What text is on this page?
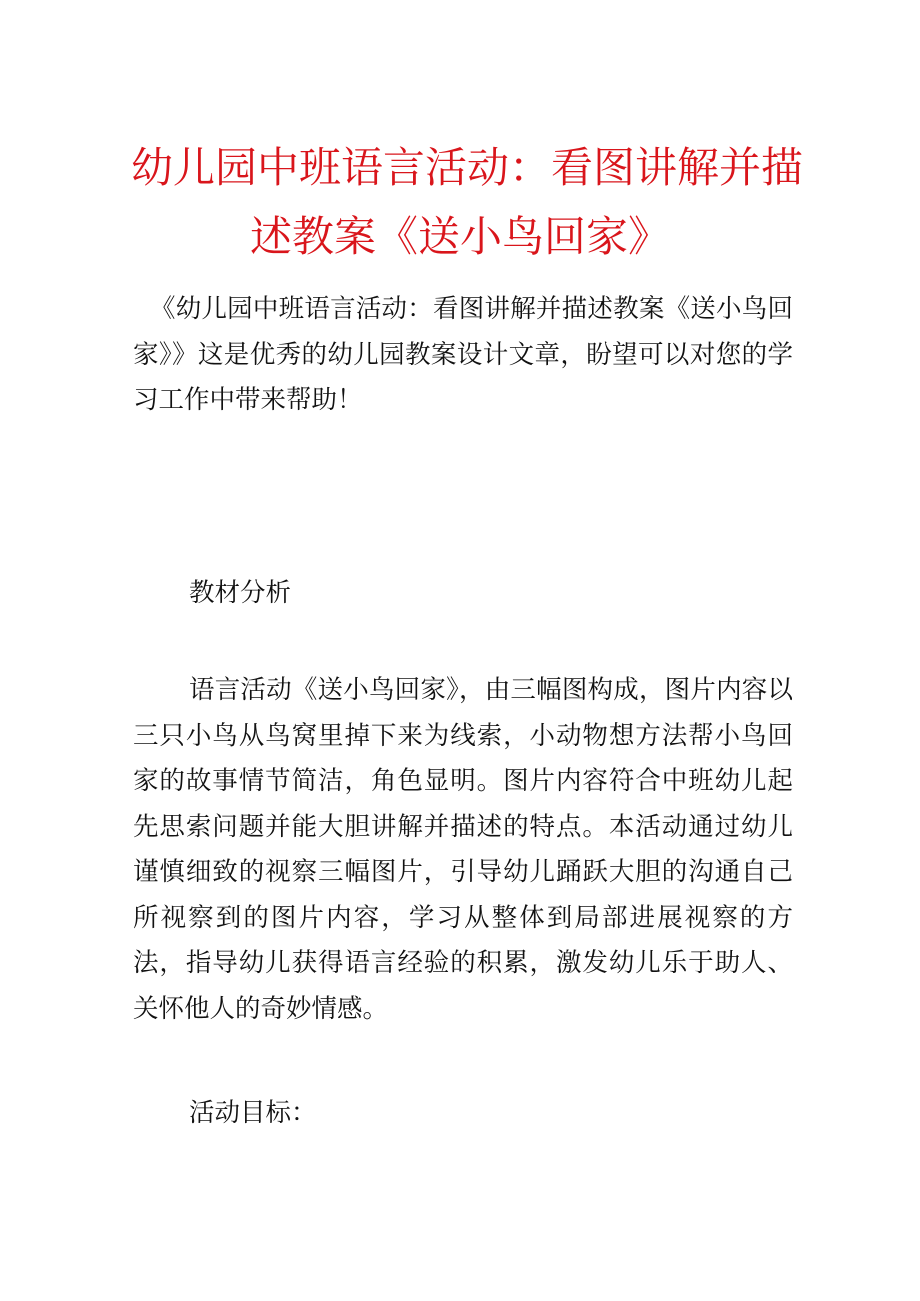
幼儿园中班语言活动：看图讲解并描
述教案《送小鸟回家》
《幼儿园中班语言活动：看图讲解并描述教案《送小鸟回家》》这是优秀的幼儿园教案设计文章，盼望可以对您的学习工作中带来帮助！
教材分析
语言活动《送小鸟回家》，由三幅图构成，图片内容以三只小鸟从鸟窝里掉下来为线索，小动物想方法帮小鸟回家的故事情节简洁，角色显明。图片内容符合中班幼儿起先思索问题并能大胆讲解并描述的特点。本活动通过幼儿谨慎细致的视察三幅图片，引导幼儿踊跃大胆的沟通自己所视察到的图片内容，学习从整体到局部进展视察的方法，指导幼儿获得语言经验的积累，激发幼儿乐于助人、关怀他人的奇妙情感。
活动目标：
